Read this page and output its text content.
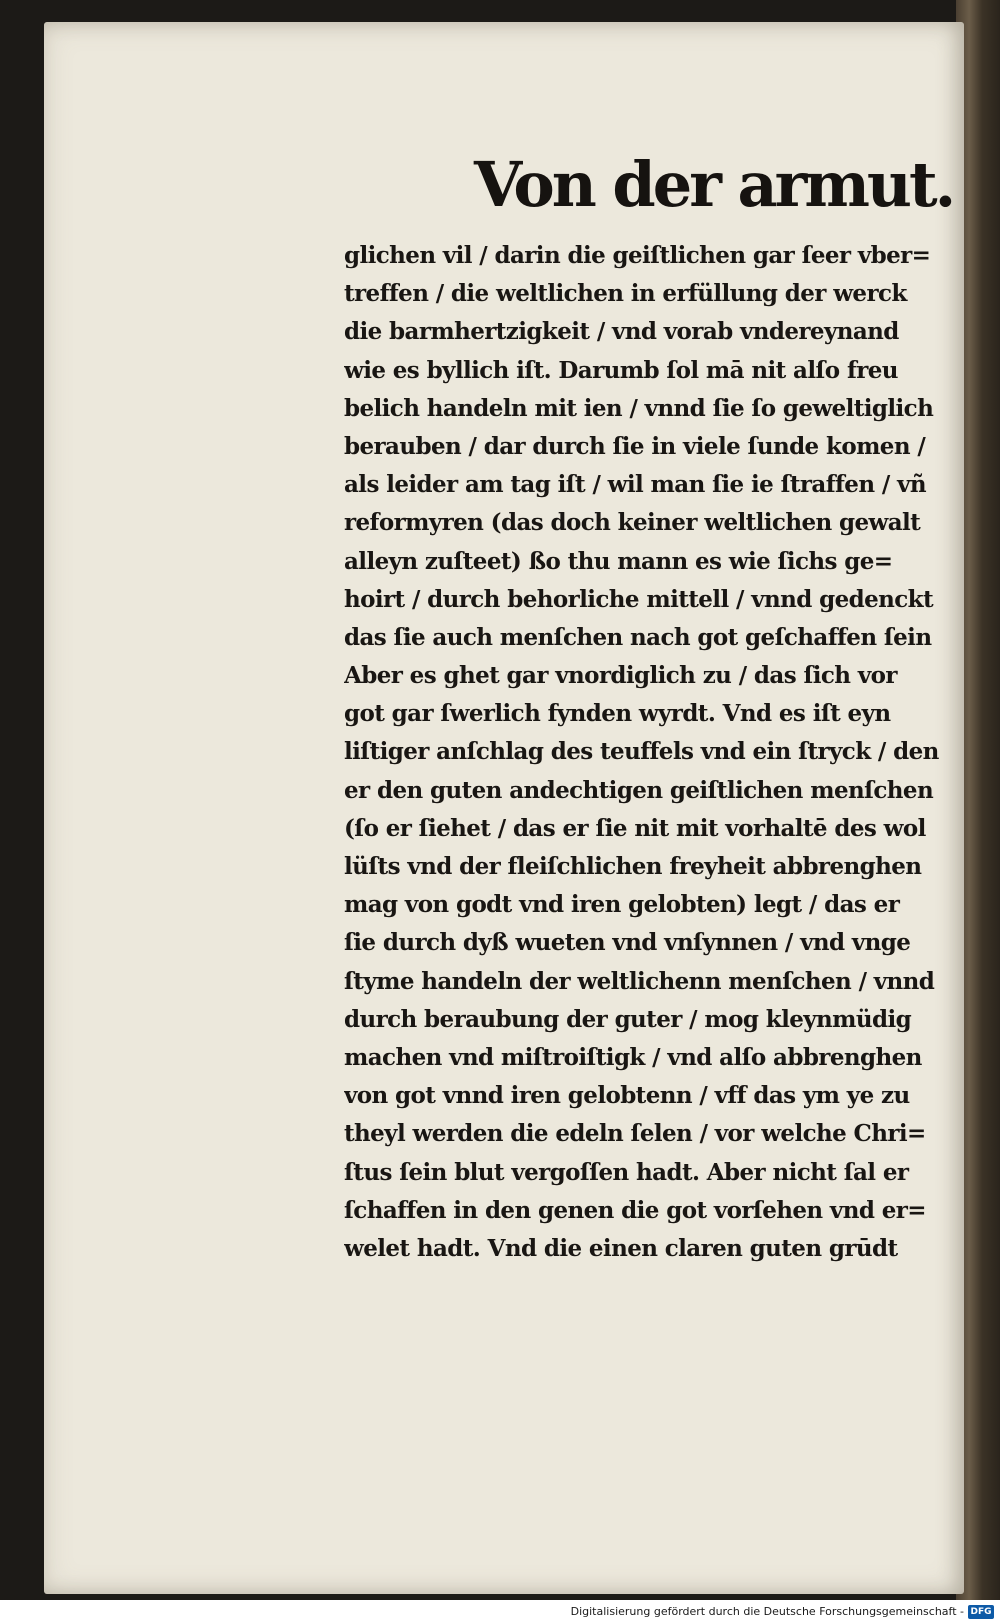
Von der armut.
glichen vil / darin die geiſtlichen gar ſeer vber=
treffen / die weltlichen in erfüllung der werck
die barmhertzigkeit / vnd vorab vndereynand
wie es byllich iſt. Darumb ſol mā nit alſo freu
belich handeln mit ien / vnnd ſie ſo geweltiglich
berauben / dar durch ſie in viele ſunde komen /
als leider am tag iſt / wil man ſie ie ſtraffen / vñ
reformyren (das doch keiner weltlichen gewalt
alleyn zuſteet) ßo thu mann es wie ſichs ge=
hoirt / durch behorliche mittell / vnnd gedenckt
das ſie auch menſchen nach got geſchaffen ſein
Aber es ghet gar vnordiglich zu / das ſich vor
got gar ſwerlich fynden wyrdt. Vnd es iſt eyn
liſtiger anſchlag des teuffels vnd ein ſtryck / den
er den guten andechtigen geiſtlichen menſchen
(ſo er ſiehet / das er ſie nit mit vorhaltē des wol
lüſts vnd der fleiſchlichen freyheit abbrenghen
mag von godt vnd iren gelobten) legt / das er
ſie durch dyß wueten vnd vnſynnen / vnd vnge
ſtyme handeln der weltlichenn menſchen / vnnd
durch beraubung der guter / mog kleynmüdig
machen vnd miſtroiſtigk / vnd alſo abbrenghen
von got vnnd iren gelobtenn / vff das ym ye zu
theyl werden die edeln ſelen / vor welche Chri=
ſtus ſein blut vergoſſen hadt. Aber nicht ſal er
ſchaffen in den genen die got vorſehen vnd er=
welet hadt. Vnd die einen claren guten grūdt
Digitalisierung gefördert durch die Deutsche Forschungsgemeinschaft - DFG
